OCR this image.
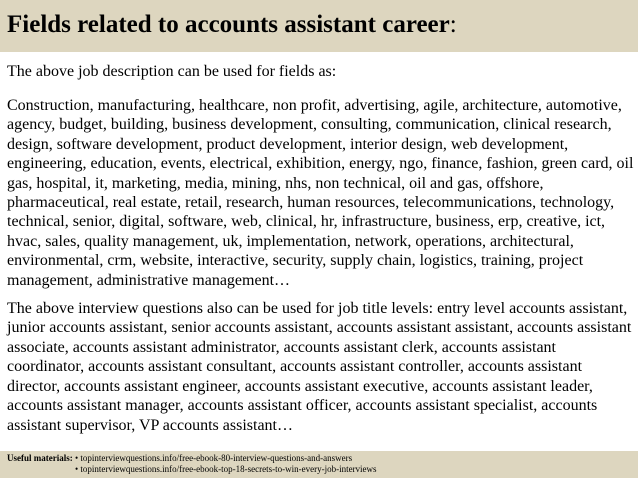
Fields related to accounts assistant career:

The above job description can be used for fields as:

Construction, manufacturing, healthcare, non profit, advertising, agile, architecture, automotive, agency, budget, building, business development, consulting, communication, clinical research, design, software development, product development, interior design, web development, engineering, education, events, electrical, exhibition, energy, ngo, finance, fashion, green card, oil gas, hospital, it, marketing, media, mining, nhs, non technical, oil and gas, offshore, pharmaceutical, real estate, retail, research, human resources, telecommunications, technology, technical, senior, digital, software, web, clinical, hr, infrastructure, business, erp, creative, ict, hvac, sales, quality management, uk, implementation, network, operations, architectural, environmental, crm, website, interactive, security, supply chain, logistics, training, project management, administrative management…

The above interview questions also can be used for job title levels: entry level accounts assistant, junior accounts assistant, senior accounts assistant, accounts assistant assistant, accounts assistant associate, accounts assistant administrator, accounts assistant clerk, accounts assistant coordinator, accounts assistant consultant, accounts assistant controller, accounts assistant director, accounts assistant engineer, accounts assistant executive, accounts assistant leader, accounts assistant manager, accounts assistant officer, accounts assistant specialist, accounts assistant supervisor, VP accounts assistant…

Useful materials: • topinterviewquestions.info/free-ebook-80-interview-questions-and-answers
• topinterviewquestions.info/free-ebook-top-18-secrets-to-win-every-job-interviews
